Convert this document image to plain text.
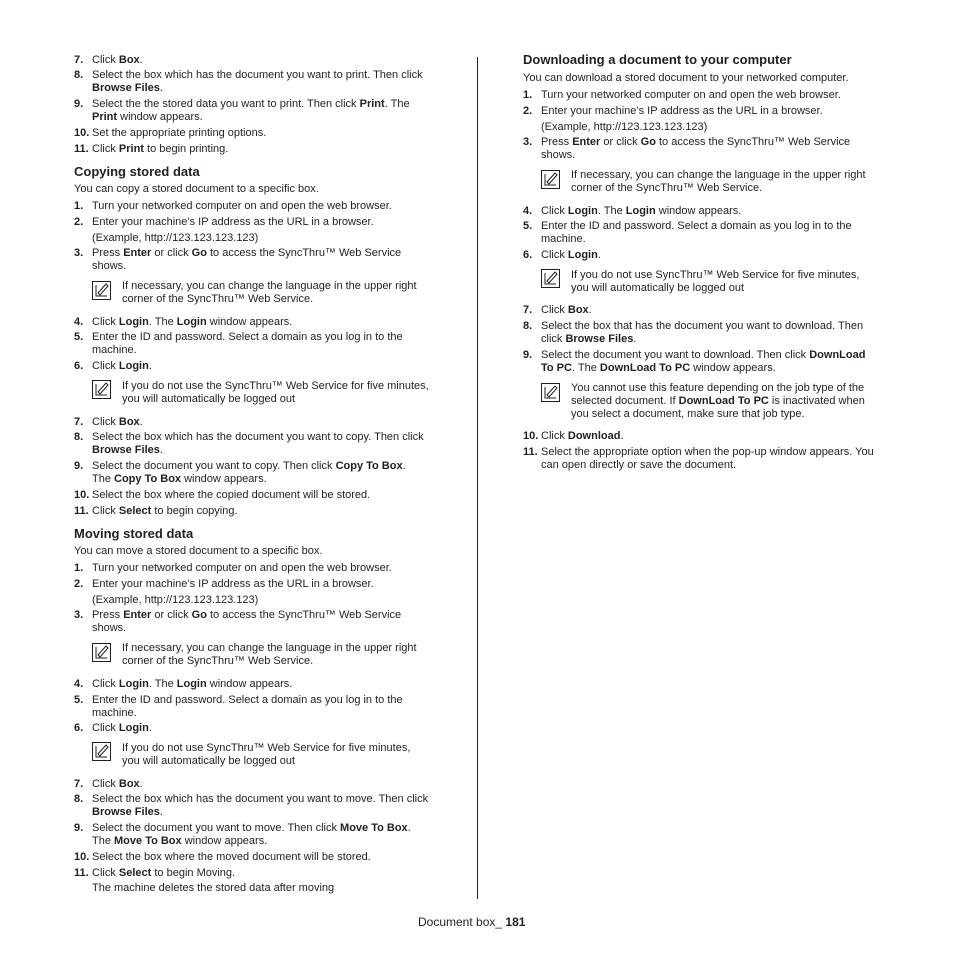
7. Click Box.
8. Select the box which has the document you want to print. Then click
Browse Files.
9. Select the the stored data you want to print. Then click Print. The
Print window appears.
10. Set the appropriate printing options.
11. Click Print to begin printing.
Copying stored data
You can copy a stored document to a specific box.
1. Turn your networked computer on and open the web browser.
2. Enter your machine’s IP address as the URL in a browser.
(Example, http://123.123.123.123)
3. Press Enter or click Go to access the SyncThru™ Web Service
shows.
If necessary, you can change the language in the upper right
corner of the SyncThru™ Web Service.
4. Click Login. The Login window appears.
5. Enter the ID and password. Select a domain as you log in to the
machine.
6. Click Login.
If you do not use the SyncThru™ Web Service for five minutes,
you will automatically be logged out
7. Click Box.
8. Select the box which has the document you want to copy. Then click
Browse Files.
9. Select the document you want to copy. Then click Copy To Box.
The Copy To Box window appears.
10. Select the box where the copied document will be stored.
11. Click Select to begin copying.
Moving stored data
You can move a stored document to a specific box.
1. Turn your networked computer on and open the web browser.
2. Enter your machine’s IP address as the URL in a browser.
(Example, http://123.123.123.123)
3. Press Enter or click Go to access the SyncThru™ Web Service
shows.
If necessary, you can change the language in the upper right
corner of the SyncThru™ Web Service.
4. Click Login. The Login window appears.
5. Enter the ID and password. Select a domain as you log in to the
machine.
6. Click Login.
If you do not use SyncThru™ Web Service for five minutes,
you will automatically be logged out
7. Click Box.
8. Select the box which has the document you want to move. Then click
Browse Files.
9. Select the document you want to move. Then click Move To Box.
The Move To Box window appears.
10. Select the box where the moved document will be stored.
11. Click Select to begin Moving.
The machine deletes the stored data after moving
Downloading a document to your computer
You can download a stored document to your networked computer.
1. Turn your networked computer on and open the web browser.
2. Enter your machine’s IP address as the URL in a browser.
(Example, http://123.123.123.123)
3. Press Enter or click Go to access the SyncThru™ Web Service
shows.
If necessary, you can change the language in the upper right
corner of the SyncThru™ Web Service.
4. Click Login. The Login window appears.
5. Enter the ID and password. Select a domain as you log in to the
machine.
6. Click Login.
If you do not use SyncThru™ Web Service for five minutes,
you will automatically be logged out
7. Click Box.
8. Select the box that has the document you want to download. Then
click Browse Files.
9. Select the document you want to download. Then click DownLoad
To PC. The DownLoad To PC window appears.
You cannot use this feature depending on the job type of the
selected document. If DownLoad To PC is inactivated when
you select a document, make sure that job type.
10. Click Download.
11. Select the appropriate option when the pop-up window appears. You
can open directly or save the document.
Document box_ 181
